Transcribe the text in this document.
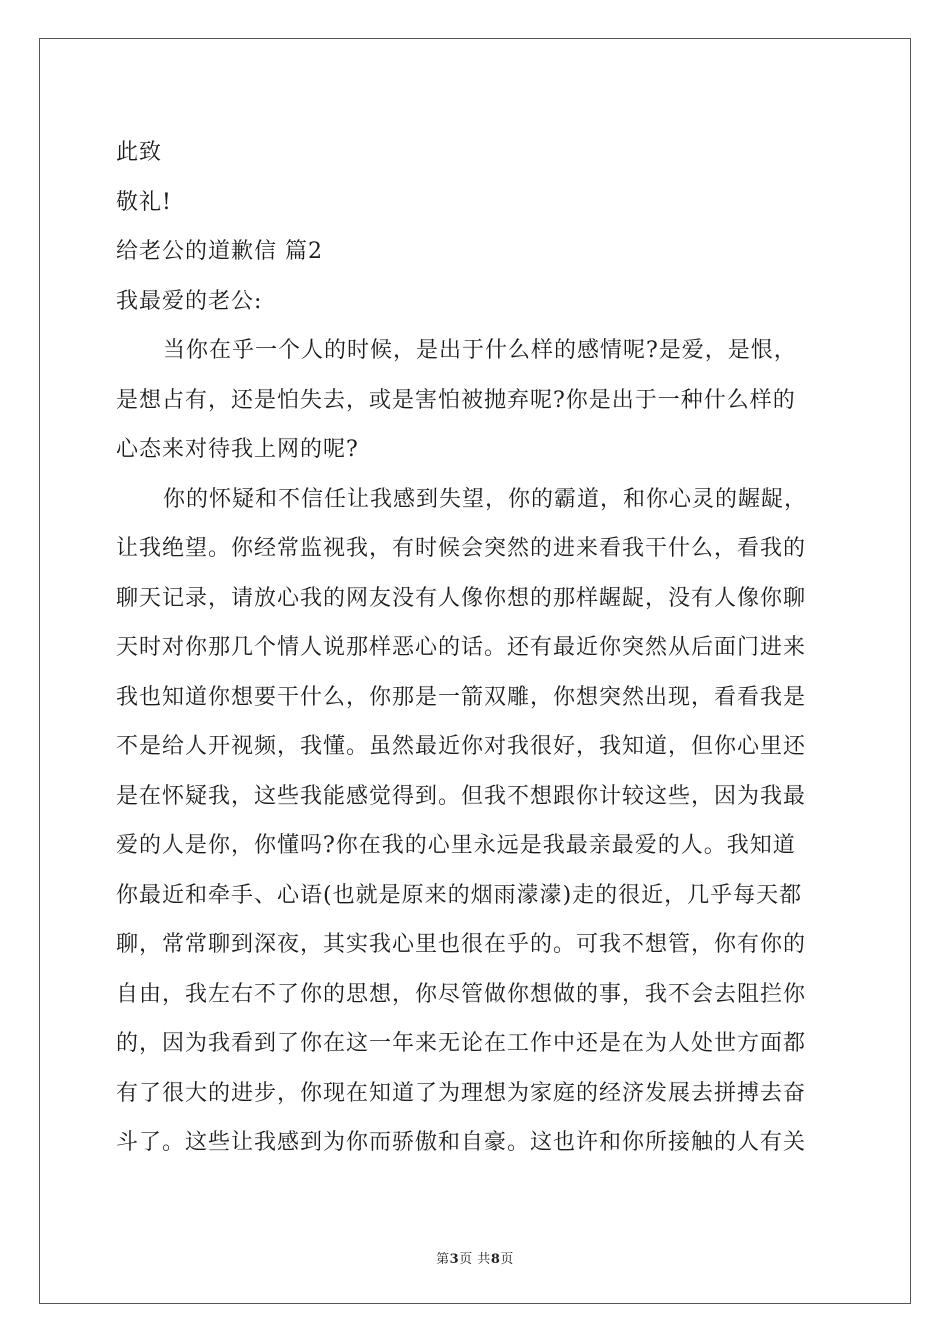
此致
敬礼!
给老公的道歉信 篇2
我最爱的老公:
当你在乎一个人的时候，是出于什么样的感情呢?是爱，是恨，
是想占有，还是怕失去，或是害怕被抛弃呢?你是出于一种什么样的
心态来对待我上网的呢?
你的怀疑和不信任让我感到失望，你的霸道，和你心灵的龌龊，
让我绝望。你经常监视我，有时候会突然的进来看我干什么，看我的
聊天记录，请放心我的网友没有人像你想的那样龌龊，没有人像你聊
天时对你那几个情人说那样恶心的话。还有最近你突然从后面门进来
我也知道你想要干什么，你那是一箭双雕，你想突然出现，看看我是
不是给人开视频，我懂。虽然最近你对我很好，我知道，但你心里还
是在怀疑我，这些我能感觉得到。但我不想跟你计较这些，因为我最
爱的人是你，你懂吗?你在我的心里永远是我最亲最爱的人。我知道
你最近和牵手、心语(也就是原来的烟雨濛濛)走的很近，几乎每天都
聊，常常聊到深夜，其实我心里也很在乎的。可我不想管，你有你的
自由，我左右不了你的思想，你尽管做你想做的事，我不会去阻拦你
的，因为我看到了你在这一年来无论在工作中还是在为人处世方面都
有了很大的进步，你现在知道了为理想为家庭的经济发展去拼搏去奋
斗了。这些让我感到为你而骄傲和自豪。这也许和你所接触的人有关
第3页 共8页
